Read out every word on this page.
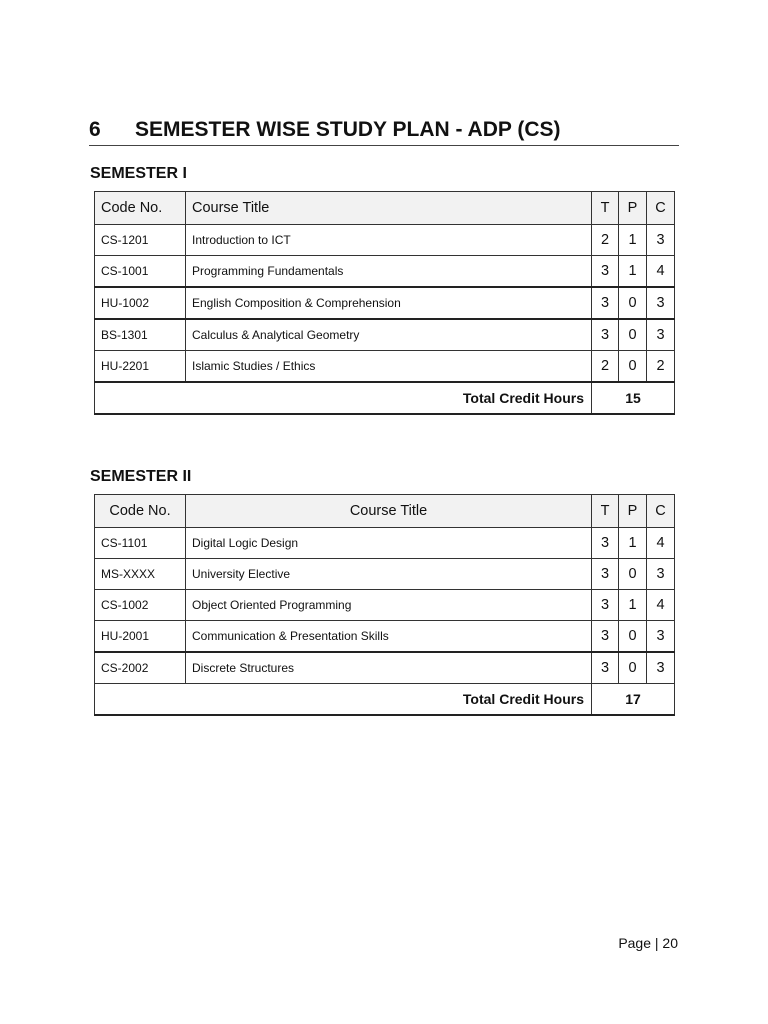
6 SEMESTER WISE STUDY PLAN - ADP (CS)
SEMESTER I
Code No.	Course Title	T	P	C
CS-1201	Introduction to ICT	2	1	3
CS-1001	Programming Fundamentals	3	1	4
HU-1002	English Composition & Comprehension	3	0	3
BS-1301	Calculus & Analytical Geometry	3	0	3
HU-2201	Islamic Studies / Ethics	2	0	2
Total Credit Hours		15		
SEMESTER II
Code No.	Course Title	T	P	C
CS-1101	Digital Logic Design	3	1	4
MS-XXXX	University Elective	3	0	3
CS-1002	Object Oriented Programming	3	1	4
HU-2001	Communication & Presentation Skills	3	0	3
CS-2002	Discrete Structures	3	0	3
Total Credit Hours		17		
Page | 20
